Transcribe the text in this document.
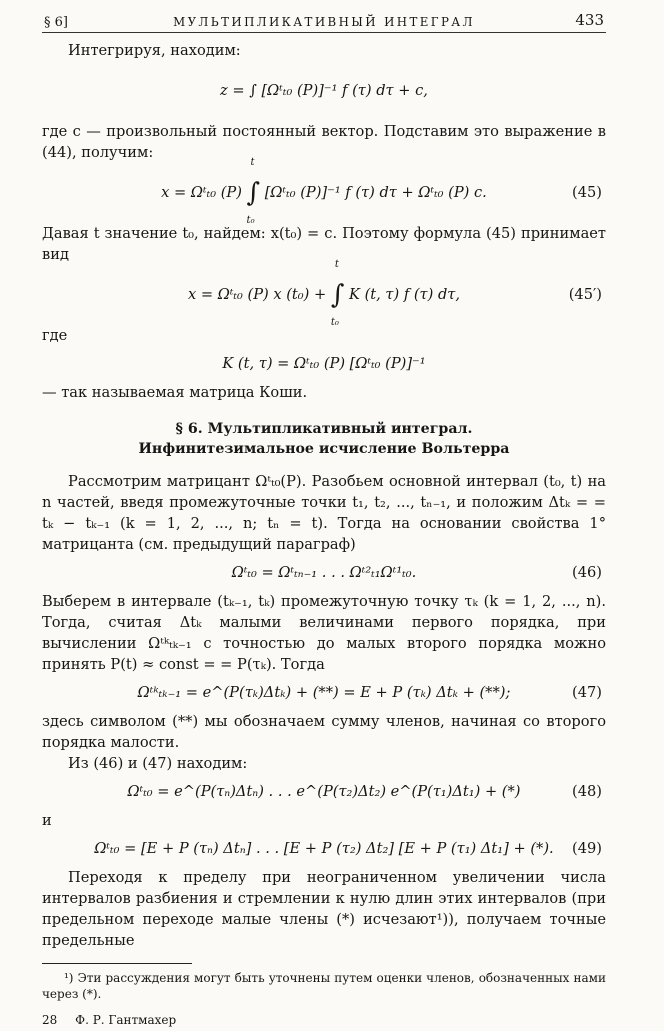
§ 6]	МУЛЬТИПЛИКАТИВНЫЙ ИНТЕГРАЛ	433

Интегрируя, находим:

z = ∫ [Ωᵗₜ₀ (P)]⁻¹ f (τ) dτ + c,

где c — произвольный постоянный вектор. Подставим это выражение в (44), получим:

x = Ωᵗₜ₀ (P) ∫
t
t₀
[Ωᵗₜ₀ (P)]⁻¹ f (τ) dτ + Ωᵗₜ₀ (P) c.	(45)

Давая t значение t₀, найдем: x(t₀) = c. Поэтому формула (45) принимает вид

x = Ωᵗₜ₀ (P) x (t₀) + ∫
t
t₀
K (t, τ) f (τ) dτ,	(45′)

где

K (t, τ) = Ωᵗₜ₀ (P) [Ωᵗₜ₀ (P)]⁻¹

— так называемая матрица Коши.

§ 6. Мультипликативный интеграл.
Инфинитезимальное исчисление Вольтерра

Рассмотрим матрицант Ωᵗₜ₀(P). Разобьем основной интервал (t₀, t) на n частей, введя промежуточные точки t₁, t₂, ..., tₙ₋₁, и положим Δtₖ = = tₖ − tₖ₋₁ (k = 1, 2, ..., n; tₙ = t). Тогда на основании свойства 1° матрицанта (см. предыдущий параграф)

Ωᵗₜ₀ = Ωᵗₜₙ₋₁ . . . Ωᵗ²ₜ₁Ωᵗ¹ₜ₀.	(46)

Выберем в интервале (tₖ₋₁, tₖ) промежуточную точку τₖ (k = 1, 2, ..., n). Тогда, считая Δtₖ малыми величинами первого порядка, при вычислении Ωᵗᵏₜₖ₋₁ с точностью до малых второго порядка можно принять P(t) ≈ const = = P(τₖ). Тогда

Ωᵗᵏₜₖ₋₁ = e^(P(τₖ)Δtₖ) + (**) = E + P (τₖ) Δtₖ + (**);	(47)

здесь символом (**) мы обозначаем сумму членов, начиная со второго порядка малости.

Из (46) и (47) находим:

Ωᵗₜ₀ = e^(P(τₙ)Δtₙ) . . . e^(P(τ₂)Δt₂) e^(P(τ₁)Δt₁) + (*)	(48)

и

Ωᵗₜ₀ = [E + P (τₙ) Δtₙ] . . . [E + P (τ₂) Δt₂] [E + P (τ₁) Δt₁] + (*). (49)

Переходя к пределу при неограниченном увеличении числа интервалов разбиения и стремлении к нулю длин этих интервалов (при предельном переходе малые члены (*) исчезают¹)), получаем точные предельные

¹) Эти рассуждения могут быть уточнены путем оценки членов, обозначенных нами через (*).

28 Ф. Р. Гантмахер
